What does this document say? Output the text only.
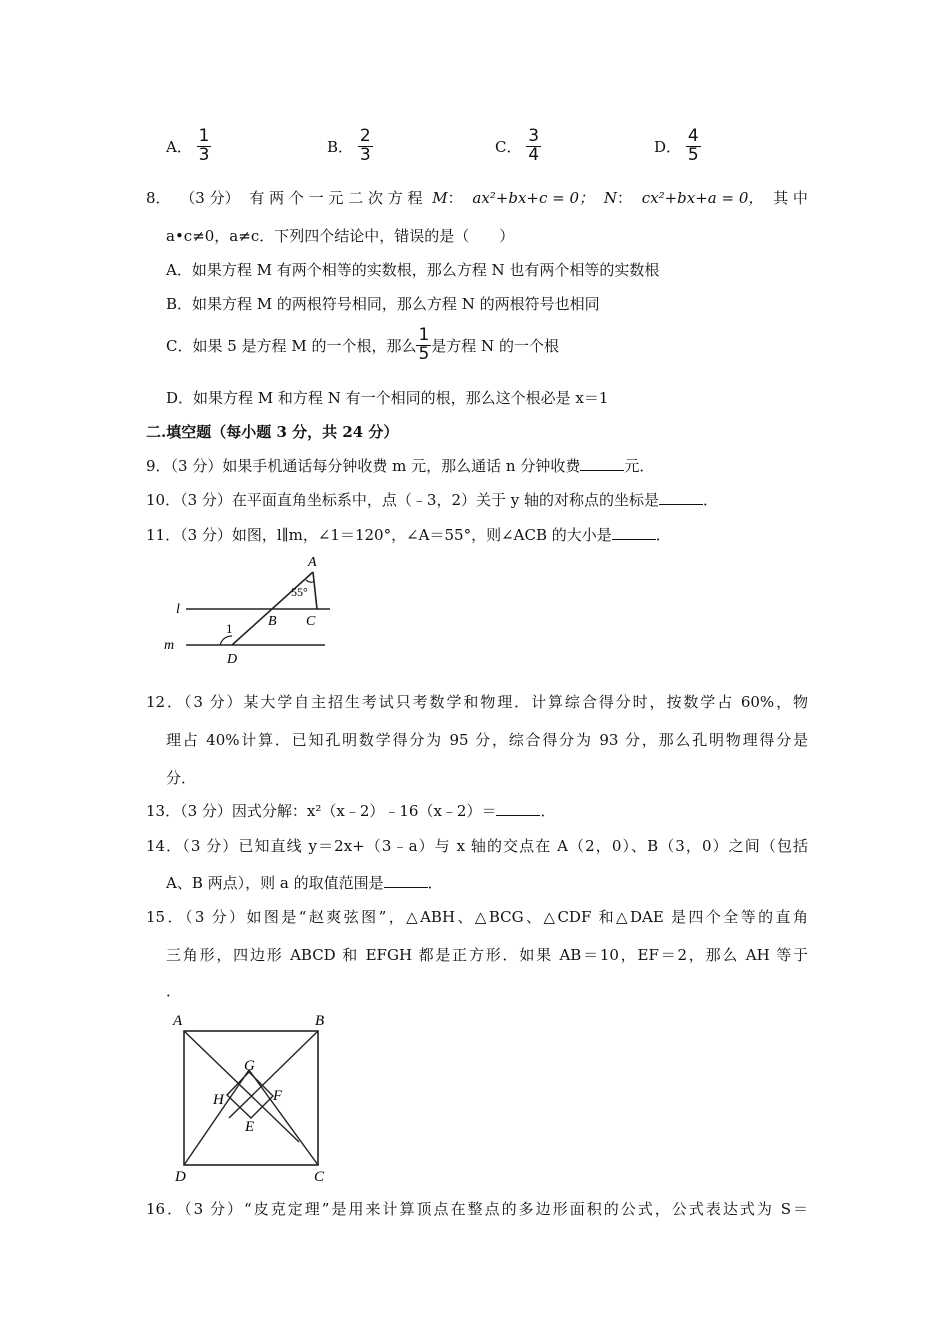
A． $\frac{1}{3}$	B． $\frac{2}{3}$	C． $\frac{3}{4}$	D． $\frac{4}{5}$
8． （3 分） 有 两 个 一 元 二 次 方 程 M： ax²+bx+c = 0； N： cx²+bx+a = 0， 其 中
a•c≠0，a≠c．下列四个结论中，错误的是（　　）
A．如果方程 M 有两个相等的实数根，那么方程 N 也有两个相等的实数根
B．如果方程 M 的两根符号相同，那么方程 N 的两根符号也相同
C．如果 5 是方程 M 的一个根，那么 $\frac{1}{5}$ 是方程 N 的一个根
D．如果方程 M 和方程 N 有一个相同的根，那么这个根必是 x＝1
二.填空题（每小题 3 分，共 24 分）
9．（3 分）如果手机通话每分钟收费 m 元，那么通话 n 分钟收费	元．
10．（3 分）在平面直角坐标系中，点（﹣3，2）关于 y 轴的对称点的坐标是	．
11．（3 分）如图，l∥m，∠1＝120°，∠A＝55°，则∠ACB 的大小是	．
A
55°
l
m
B C
D
1
12．（3 分）某大学自主招生考试只考数学和物理．计算综合得分时，按数学占 60%，物
理占 40%计算．已知孔明数学得分为 95 分，综合得分为 93 分，那么孔明物理得分是
分．
13．（3 分）因式分解：x²（x﹣2）﹣16（x﹣2）＝	．
14．（3 分）已知直线 y＝2x+（3﹣a）与 x 轴的交点在 A（2，0）、B（3，0）之间（包括
A、B 两点），则 a 的取值范围是	．
15．（3 分）如图是“赵爽弦图”，△ABH、△BCG、△CDF 和△DAE 是四个全等的直角
三角形，四边形 ABCD 和 EFGH 都是正方形．如果 AB＝10，EF＝2，那么 AH 等于
．
A	B
C
D
E
F
G
H
16．（3 分）“皮克定理”是用来计算顶点在整点的多边形面积的公式，公式表达式为 S＝
